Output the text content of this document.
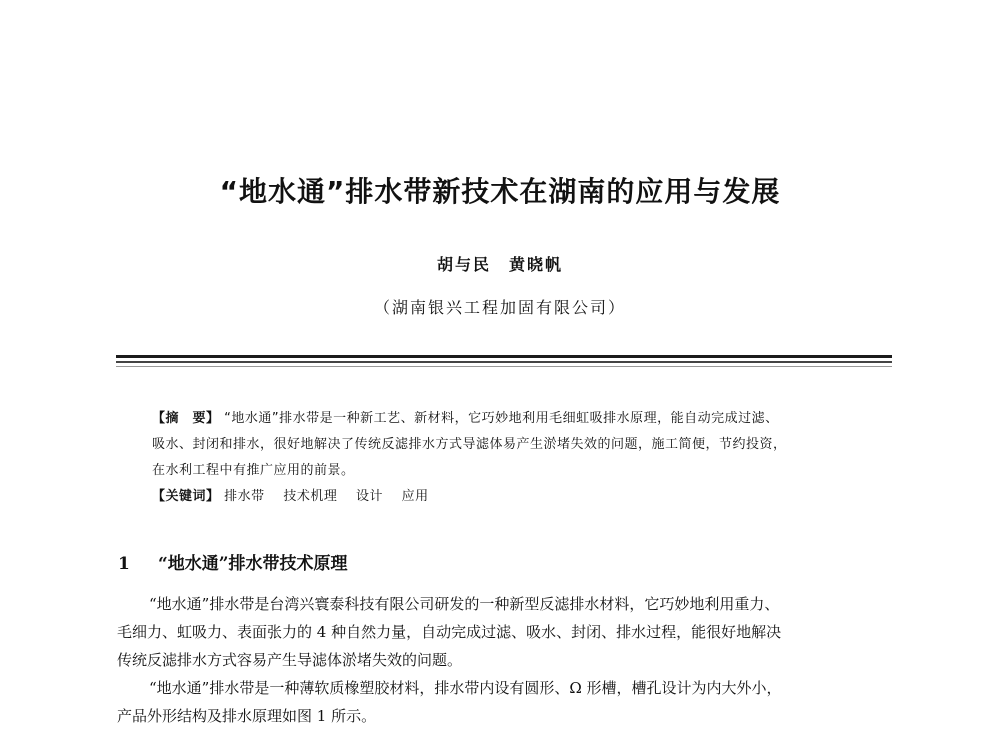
“地水通”排水带新技术在湖南的应用与发展
胡与民　黄晓帆
（湖南银兴工程加固有限公司）
【摘　要】 “地水通”排水带是一种新工艺、新材料，它巧妙地利用毛细虹吸排水原理，能自动完成过滤、
吸水、封闭和排水，很好地解决了传统反滤排水方式导滤体易产生淤堵失效的问题，施工简便，节约投资，
在水利工程中有推广应用的前景。
【关键词】 排水带 技术机理 设计 应用
1 “地水通”排水带技术原理
“地水通”排水带是台湾兴寰泰科技有限公司研发的一种新型反滤排水材料，它巧妙地利用重力、
毛细力、虹吸力、表面张力的 4 种自然力量，自动完成过滤、吸水、封闭、排水过程，能很好地解决
传统反滤排水方式容易产生导滤体淤堵失效的问题。
“地水通”排水带是一种薄软质橡塑胶材料，排水带内设有圆形、Ω 形槽，槽孔设计为内大外小，
产品外形结构及排水原理如图 1 所示。
